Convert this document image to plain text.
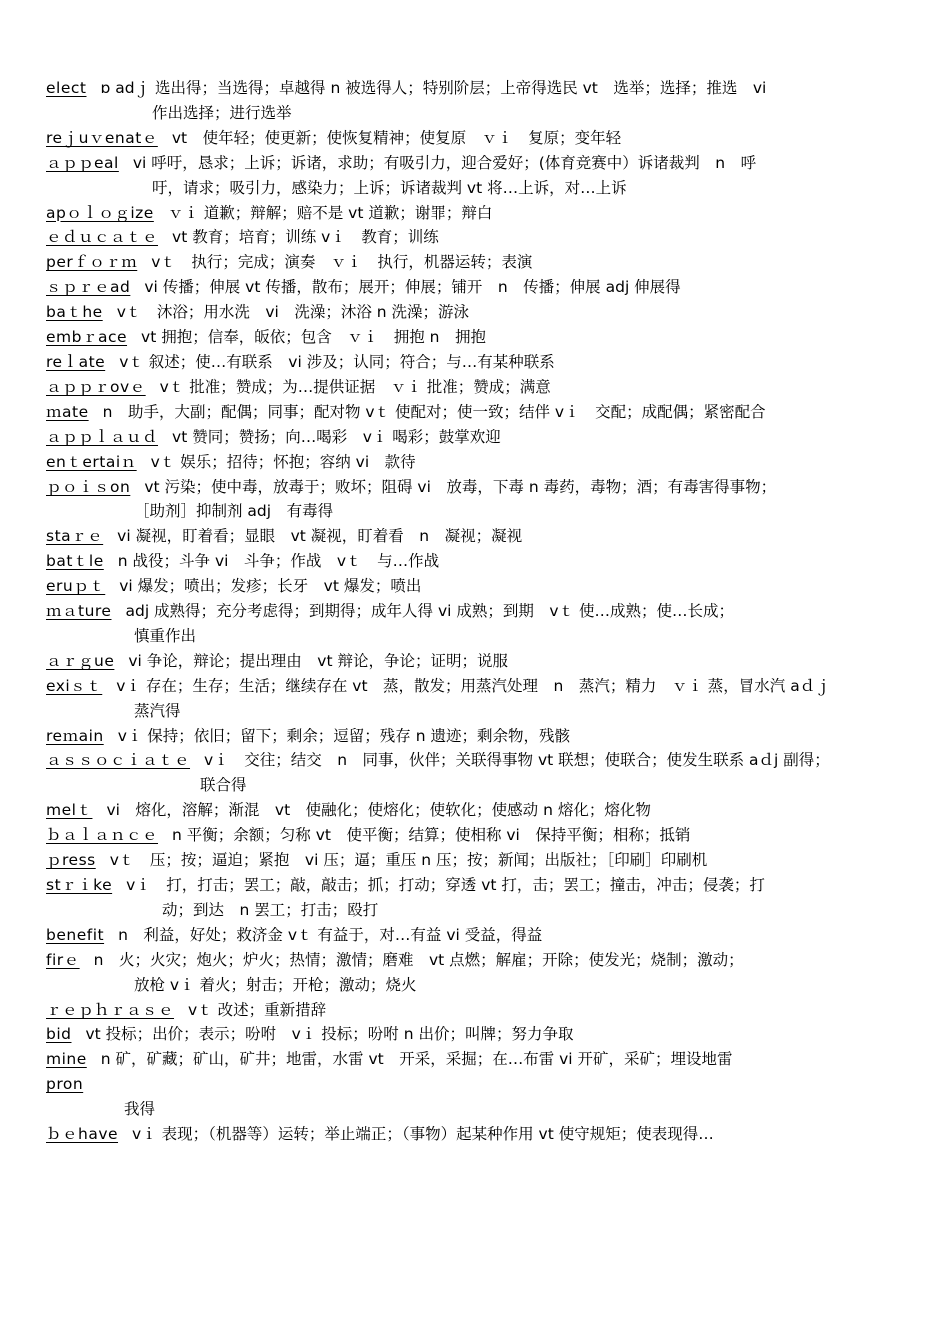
elect ɒ adｊ 选出得；当选得；卓越得 n 被选得人；特别阶层；上帝得选民 vt　选举；选择；推选　vi
作出选择；进行选举
reｊuｖenatｅ vt　使年轻；使更新；使恢复精神；使复原　ｖｉ　复原；变年轻
ａｐｐeal vi 呼吁，恳求；上诉；诉诸，求助；有吸引力，迎合爱好；(体育竞赛中）诉诸裁判　n　呼
吁，请求；吸引力，感染力；上诉；诉诸裁判 vt 将…上诉，对…上诉
apｏｌｏｇize ｖｉ 道歉；辩解；赔不是 vt 道歉；谢罪；辩白
ｅｄｕｃａｔｅ vt 教育；培育；训练 vｉ　教育；训练
perｆｏｒｍ vｔ　执行；完成；演奏　ｖｉ　执行，机器运转；表演
ｓｐｒｅad vi 传播；伸展 vt 传播，散布；展开；伸展；铺开　n　传播；伸展 adj 伸展得
baｔhe vｔ　沐浴；用水洗　vi　洗澡；沐浴 n 洗澡；游泳
embｒace vt 拥抱；信奉，皈依；包含　ｖｉ　拥抱 n　拥抱
reｌate vｔ 叙述；使…有联系　vi 涉及；认同；符合；与…有某种联系
ａｐｐｒovｅ vｔ 批准；赞成；为…提供证据　ｖｉ 批准；赞成；满意
ｍate n　助手，大副；配偶；同事；配对物 vｔ 使配对；使一致；结伴 vｉ　交配；成配偶；紧密配合
ａｐｐｌａｕｄ vt 赞同；赞扬；向…喝彩　vｉ 喝彩；鼓掌欢迎
enｔertaiｎ vｔ 娱乐；招待；怀抱；容纳 vi　款待
ｐｏｉｓon vt 污染；使中毒，放毒于；败坏；阻碍 vi　放毒，下毒 n 毒药，毒物；酒；有毒害得事物；
［助剂］抑制剂 adj　有毒得
staｒｅ vi 凝视，盯着看；显眼　vt 凝视，盯着看　n　凝视；凝视
batｔle n 战役；斗争 vi　斗争；作战　vｔ　与…作战
eruｐｔ vi 爆发；喷出；发疹；长牙　vt 爆发；喷出
ｍａture adj 成熟得；充分考虑得；到期得；成年人得 vi 成熟；到期　vｔ 使…成熟；使…长成；
慎重作出
ａｒｇue vi 争论，辩论；提出理由　vt 辩论，争论；证明；说服
exiｓｔ vｉ 存在；生存；生活；继续存在 vt　蒸，散发；用蒸汽处理　n　蒸汽；精力　ｖｉ 蒸，冒水汽 aｄｊ
蒸汽得
reｍain vｉ 保持；依旧；留下；剩余；逗留；残存 n 遗迹；剩余物，残骸
ａｓｓｏｃｉａｔｅ vｉ　交往；结交　n　同事，伙伴；关联得事物 vt 联想；使联合；使发生联系 aｄj 副得；
联合得
melｔ vi　熔化，溶解；渐混　vt　使融化；使熔化；使软化；使感动 n 熔化；熔化物
ｂａｌａｎｃｅ n 平衡；余额；匀称 vt　使平衡；结算；使相称 vi　保持平衡；相称；抵销
ｐress vｔ　压；按；逼迫；紧抱　vi 压；逼；重压 n 压；按；新闻；出版社；［印刷］印刷机
stｒｉke vｉ　打，打击；罢工；敲，敲击；抓；打动；穿透 vt 打，击；罢工；撞击，冲击；侵袭；打
动；到达　n 罢工；打击；殴打
benefit n　利益，好处；救济金 vｔ 有益于，对…有益 vi 受益，得益
firｅ n　火；火灾；炮火；炉火；热情；激情；磨难　vt 点燃；解雇；开除；使发光；烧制；激动；
放枪 vｉ 着火；射击；开枪；激动；烧火
ｒｅｐｈｒａｓｅ vｔ 改述；重新措辞
bid vt 投标；出价；表示；吩咐　vｉ 投标；吩咐 n 出价；叫牌；努力争取
mine n 矿，矿藏；矿山，矿井；地雷，水雷 vt　开采，采掘；在…布雷 vi 开矿，采矿；埋设地雷
pron
我得
ｂｅhave vｉ 表现；（机器等）运转；举止端正；（事物）起某种作用 vt 使守规矩；使表现得…
